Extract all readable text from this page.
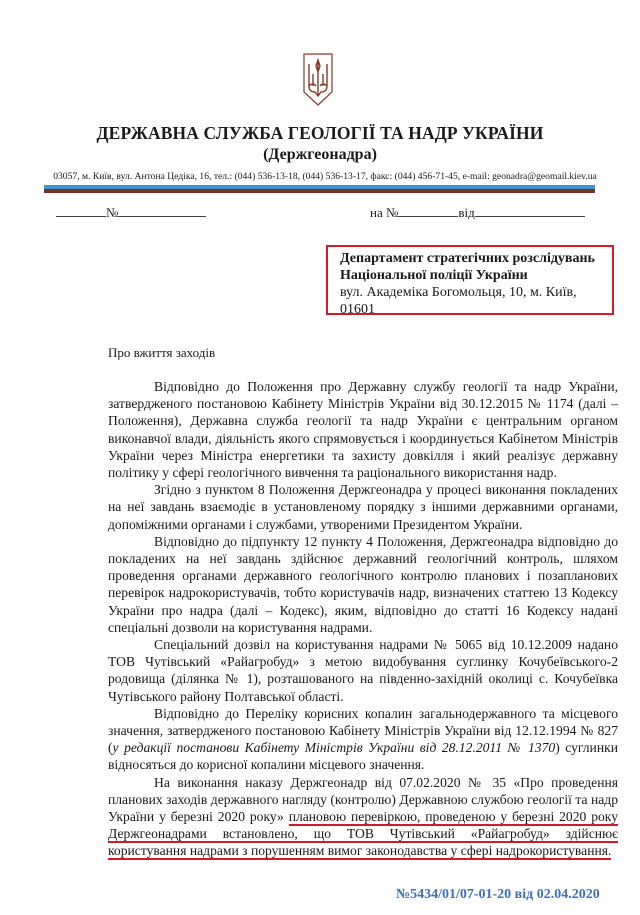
ДЕРЖАВНА СЛУЖБА ГЕОЛОГІЇ ТА НАДР УКРАЇНИ
(Держгеонадра)
03057, м. Київ, вул. Антона Цедіка, 16, тел.: (044) 536-13-18, (044) 536-13-17, факс: (044) 456-71-45, e-mail: geonadra@geomail.kiev.ua
№	на №	від
Департамент стратегічних розслідувань
Національної поліції України
вул. Академіка Богомольця, 10, м. Київ,
01601
Про вжиття заходів

Відповідно до Положення про Державну службу геології та надр України, затвердженого постановою Кабінету Міністрів України від 30.12.2015 № 1174 (далі – Положення), Державна служба геології та надр України є центральним органом виконавчої влади, діяльність якого спрямовується і координується Кабінетом Міністрів України через Міністра енергетики та захисту довкілля і який реалізує державну політику у сфері геологічного вивчення та раціонального використання надр.

Згідно з пунктом 8 Положення Держгеонадра у процесі виконання покладених на неї завдань взаємодіє в установленому порядку з іншими державними органами, допоміжними органами і службами, утвореними Президентом України.

Відповідно до підпункту 12 пункту 4 Положення, Держгеонадра відповідно до покладених на неї завдань здійснює державний геологічний контроль, шляхом проведення органами державного геологічного контролю планових і позапланових перевірок надрокористувачів, тобто користувачів надр, визначених статтею 13 Кодексу України про надра (далі – Кодекс), яким, відповідно до статті 16 Кодексу надані спеціальні дозволи на користування надрами.

Спеціальний дозвіл на користування надрами № 5065 від 10.12.2009 надано ТОВ Чутівський «Райагробуд» з метою видобування суглинку Кочубеївського-2 родовища (ділянка № 1), розташованого на південно-західній околиці с. Кочубеївка Чутівського району Полтавської області.

Відповідно до Переліку корисних копалин загальнодержавного та місцевого значення, затвердженого постановою Кабінету Міністрів України від 12.12.1994 № 827 (у редакції постанови Кабінету Міністрів України від 28.12.2011 № 1370) суглинки відносяться до корисної копалини місцевого значення.

На виконання наказу Держгеонадр від 07.02.2020 № 35 «Про проведення планових заходів державного нагляду (контролю) Державною службою геології та надр України у березні 2020 року» плановою перевіркою, проведеною у березні 2020 року Держгеонадрами встановлено, що ТОВ Чутівський «Райагробуд» здійснює користування надрами з порушенням вимог законодавства у сфері надрокористування.

№5434/01/07-01-20 від 02.04.2020
